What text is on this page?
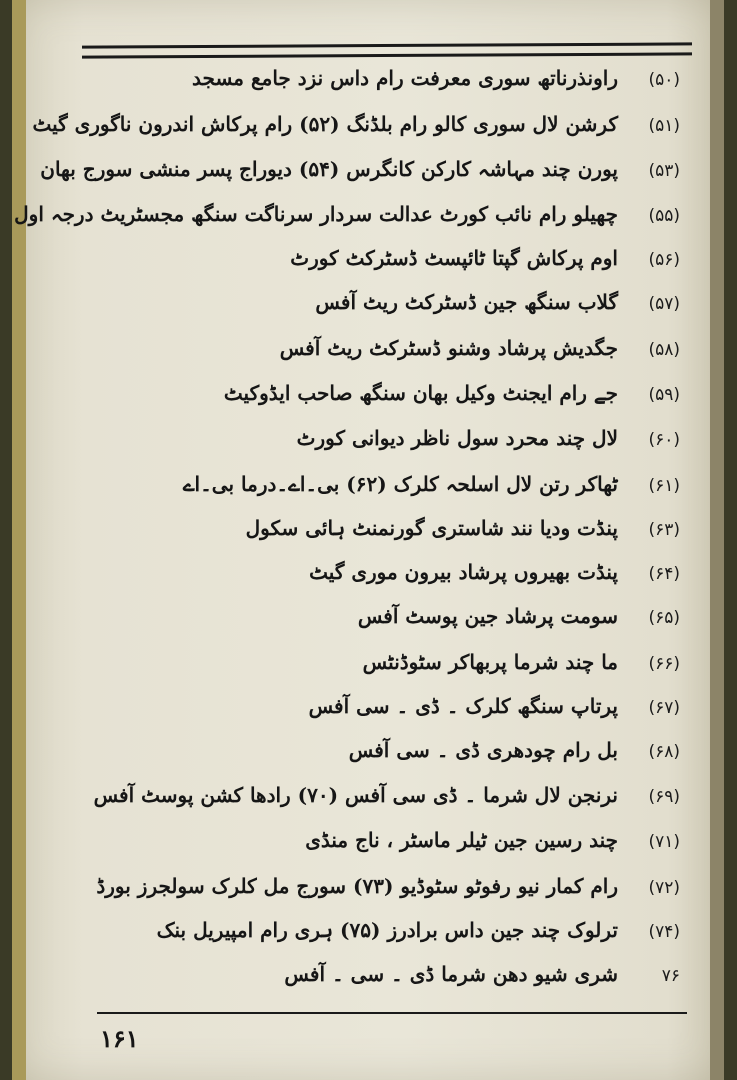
(۵۰)
راونذرناتھ سوری معرفت رام داس نزد جامع مسجد
(۵۱)
کرشن لال سوری کالو رام بلڈنگ (۵۲) رام پرکاش اندرون ناگوری گیٹ
(۵۳)
پورن چند مہاشہ کارکن کانگرس (۵۴) دیوراج پسر منشی سورج بھان
(۵۵)
چھیلو رام نائب کورٹ عدالت سردار سرناگت سنگھ مجسٹریٹ درجہ اول
(۵۶)
اوم پرکاش گپتا ٹائپسٹ ڈسٹرکٹ کورٹ
(۵۷)
گلاب سنگھ جین ڈسٹرکٹ ریٹ آفس
(۵۸)
جگدیش پرشاد وشنو ڈسٹرکٹ ریٹ آفس
(۵۹)
جے رام ایجنٹ وکیل بھان سنگھ صاحب ایڈوکیٹ
(۶۰)
لال چند محرد سول ناظر دیوانی کورٹ
(۶۱)
ٹھاکر رتن لال اسلحہ کلرک (۶۲) بی۔اے۔درما بی۔اے
(۶۳)
پنڈت ودیا نند شاستری گورنمنٹ ہائی سکول
(۶۴)
پنڈت بھیروں پرشاد بیرون موری گیٹ
(۶۵)
سومت پرشاد جین پوسٹ آفس
(۶۶)
ما چند شرما پربھاکر سٹوڈنٹس
(۶۷)
پرتاپ سنگھ کلرک ۔ ڈی ۔ سی آفس
(۶۸)
بل رام چودھری ڈی ۔ سی آفس
(۶۹)
نرنجن لال شرما ۔ ڈی سی آفس (۷۰) رادھا کشن پوسٹ آفس
(۷۱)
چند رسین جین ٹیلر ماسٹر ، ناج منڈی
(۷۲)
رام کمار نیو رفوٹو سٹوڈیو (۷۳) سورج مل کلرک سولجرز بورڈ
(۷۴)
ترلوک چند جین داس برادرز (۷۵) ہری رام امپیریل بنک
۷۶
شری شیو دھن شرما ڈی ۔ سی ۔ آفس
۱۶۱
